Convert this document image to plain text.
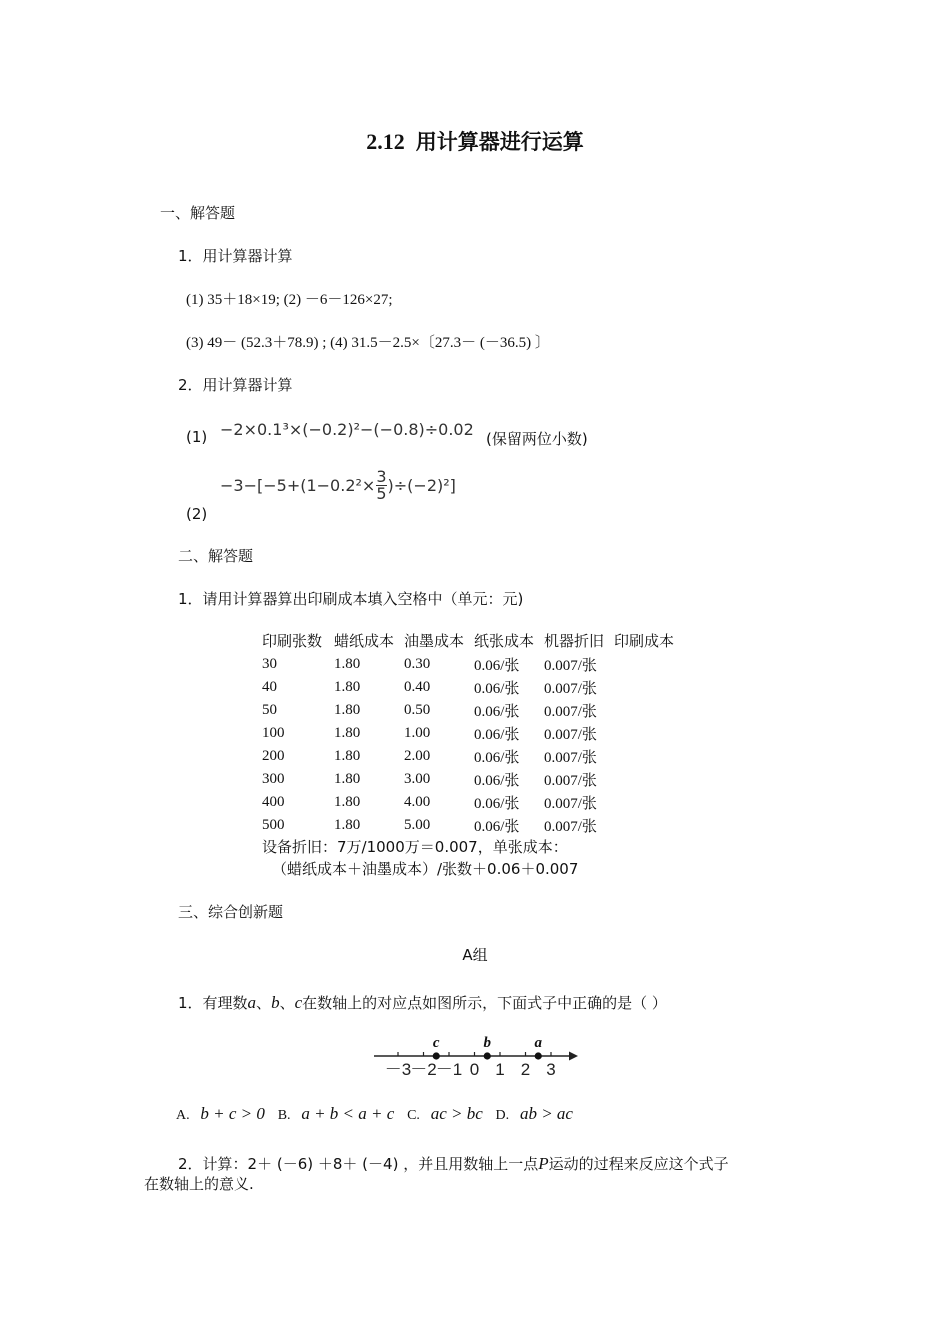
2.12 用计算器进行运算
一、解答题
1．用计算器计算
(1) 35＋18×19; (2) －6－126×27;
(3) 49－ (52.3＋78.9) ; (4) 31.5－2.5×〔27.3－ (－36.5) 〕
2．用计算器计算
(1) −2×0.1³×(−0.2)²−(−0.8)÷0.02 (保留两位小数)
(2)
$-3-[-5+(1-0.2^2\times \frac{3}{5} )\div(-2)^2]$
二、解答题
1．请用计算器算出印刷成本填入空格中（单元：元)
印刷张数	蜡纸成本	油墨成本	纸张成本	机器折旧	印刷成本
30	1.80	0.30	0.06/张	0.007/张	
40	1.80	0.40	0.06/张	0.007/张	
50	1.80	0.50	0.06/张	0.007/张	
100	1.80	1.00	0.06/张	0.007/张	
200	1.80	2.00	0.06/张	0.007/张	
300	1.80	3.00	0.06/张	0.007/张	
400	1.80	4.00	0.06/张	0.007/张	
500	1.80	5.00	0.06/张	0.007/张	
设备折旧：7万/1000万＝0.007，单张成本：
（蜡纸成本＋油墨成本）/张数＋0.06＋0.007
三、综合创新题
A组
1．有理数a、b、c在数轴上的对应点如图所示，下面式子中正确的是（ ）
－3 －2 －1 0 1 2 3
c	b	a
A. b + c > 0 B. a + b < a + c C. ac > bc D. ab > ac
2．计算：2＋ (－6) ＋8＋ (－4) ，并且用数轴上一点P运动的过程来反应这个式子
在数轴上的意义.
